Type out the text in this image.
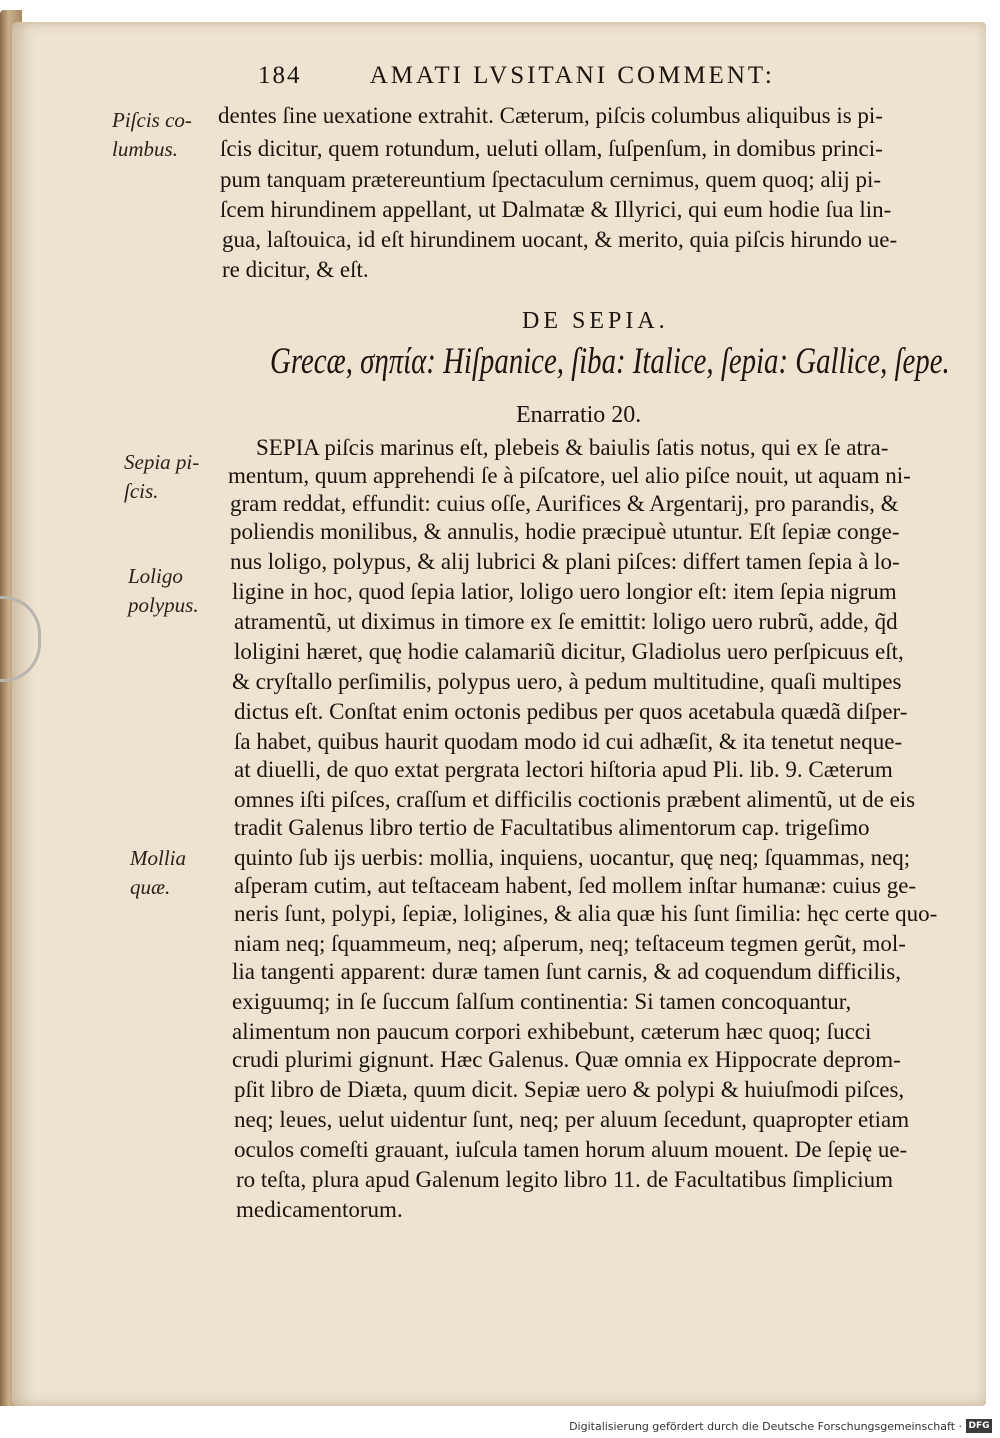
184	AMATI LVSITANI COMMENT:
Piſcis co-
lumbus.
Sepia pi-
ſcis.
Loligo
polypus.
Mollia
quæ.
dentes ſine uexatione extrahit. Cæterum, piſcis columbus aliquibus is pi-
ſcis dicitur, quem rotundum, ueluti ollam, ſuſpenſum, in domibus princi-
pum tanquam prætereuntium ſpectaculum cernimus, quem quoq; alij pi-
ſcem hirundinem appellant, ut Dalmatæ & Illyrici, qui eum hodie ſua lin-
gua, laſtouica, id eſt hirundinem uocant, & merito, quia piſcis hirundo ue-
re dicitur, & eſt.
DE SEPIA.
Grecæ, σηπία: Hiſpanice, ſiba: Italice, ſepia: Gallice, ſepe.
Enarratio 20.
SEPIA piſcis marinus eſt, plebeis & baiulis ſatis notus, qui ex ſe atra-
mentum, quum apprehendi ſe à piſcatore, uel alio piſce nouit, ut aquam ni-
gram reddat, effundit: cuius oſſe, Aurifices & Argentarij, pro parandis, &
poliendis monilibus, & annulis, hodie præcipuè utuntur. Eſt ſepiæ conge-
nus loligo, polypus, & alij lubrici & plani piſces: differt tamen ſepia à lo-
ligine in hoc, quod ſepia latior, loligo uero longior eſt: item ſepia nigrum
atramentũ, ut diximus in timore ex ſe emittit: loligo uero rubrũ, adde, q̃d
loligini hæret, quę hodie calamariũ dicitur, Gladiolus uero perſpicuus eſt,
& cryſtallo perſimilis, polypus uero, à pedum multitudine, quaſi multipes
dictus eſt. Conſtat enim octonis pedibus per quos acetabula quædã diſper-
ſa habet, quibus haurit quodam modo id cui adhæſit, & ita tenetut neque-
at diuelli, de quo extat pergrata lectori hiſtoria apud Pli. lib. 9. Cæterum
omnes iſti piſces, craſſum et difficilis coctionis præbent alimentũ, ut de eis
tradit Galenus libro tertio de Facultatibus alimentorum cap. trigeſimo
quinto ſub ijs uerbis: mollia, inquiens, uocantur, quę neq; ſquammas, neq;
aſperam cutim, aut teſtaceam habent, ſed mollem inſtar humanæ: cuius ge-
neris ſunt, polypi, ſepiæ, loligines, & alia quæ his ſunt ſimilia: hęc certe quo-
niam neq; ſquammeum, neq; aſperum, neq; teſtaceum tegmen gerũt, mol-
lia tangenti apparent: duræ tamen ſunt carnis, & ad coquendum difficilis,
exiguumq; in ſe ſuccum ſalſum continentia: Si tamen concoquantur,
alimentum non paucum corpori exhibebunt, cæterum hæc quoq; ſucci
crudi plurimi gignunt. Hæc Galenus. Quæ omnia ex Hippocrate deprom-
pſit libro de Diæta, quum dicit. Sepiæ uero & polypi & huiuſmodi piſces,
neq; leues, uelut uidentur ſunt, neq; per aluum ſecedunt, quapropter etiam
oculos comeſti grauant, iuſcula tamen horum aluum mouent. De ſepię ue-
ro teſta, plura apud Galenum legito libro 11. de Facultatibus ſimplicium
medicamentorum.
Digitalisierung gefördert durch die Deutsche Forschungsgemeinschaft · DFG
